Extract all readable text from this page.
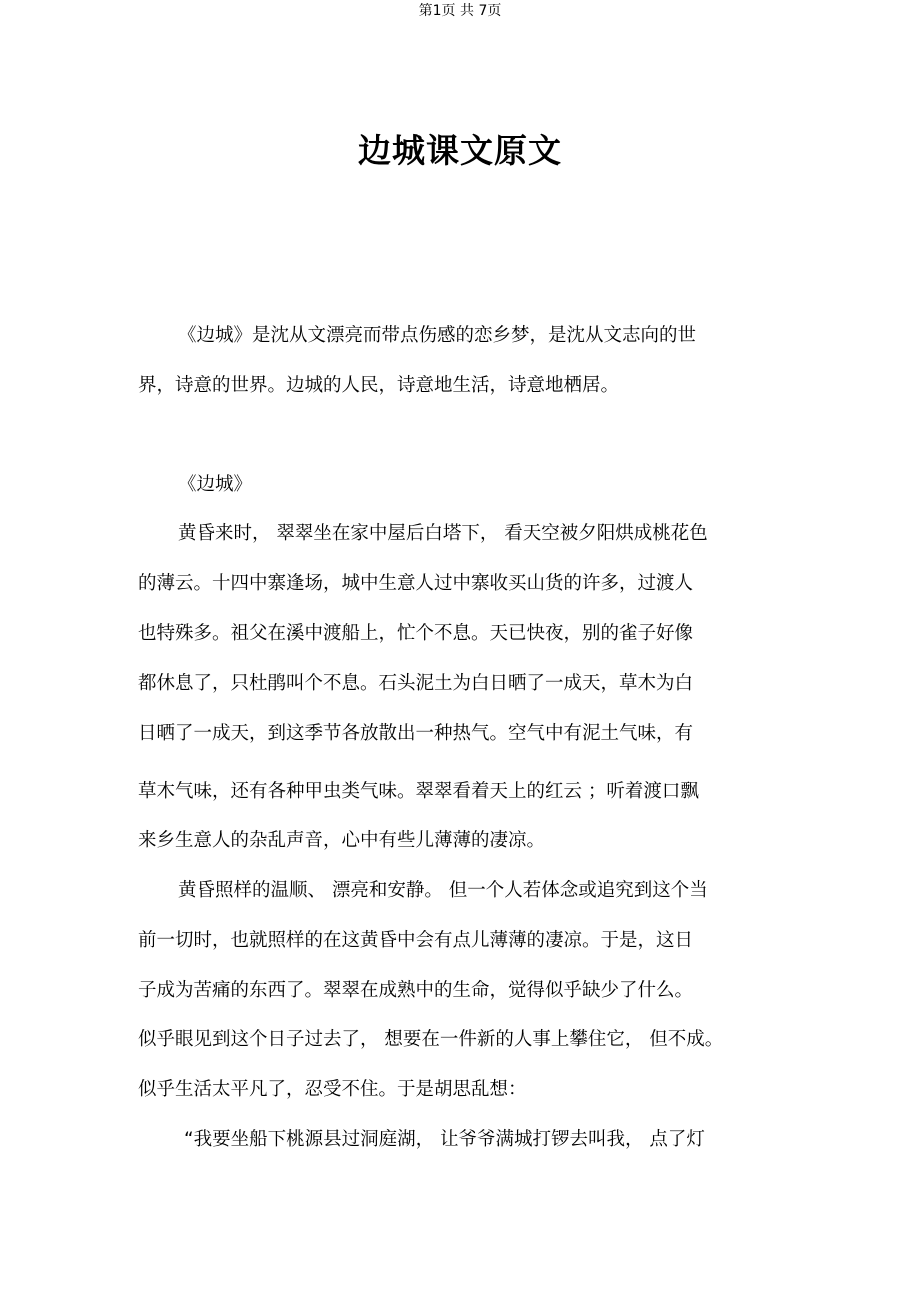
第1页 共 7页
边城课文原文
《边城》是沈从文漂亮而带点伤感的恋乡梦，是沈从文志向的世
界，诗意的世界。边城的人民，诗意地生活，诗意地栖居。
《边城》
黄昏来时， 翠翠坐在家中屋后白塔下， 看天空被夕阳烘成桃花色
的薄云。十四中寨逢场，城中生意人过中寨收买山货的许多，过渡人
也特殊多。祖父在溪中渡船上，忙个不息。天已快夜，别的雀子好像
都休息了，只杜鹃叫个不息。石头泥土为白日晒了一成天，草木为白
日晒了一成天，到这季节各放散出一种热气。空气中有泥土气味，有
草木气味，还有各种甲虫类气味。翠翠看着天上的红云 ；听着渡口飘
来乡生意人的杂乱声音，心中有些儿薄薄的凄凉。
黄昏照样的温顺、 漂亮和安静。 但一个人若体念或追究到这个当
前一切时，也就照样的在这黄昏中会有点儿薄薄的凄凉。于是，这日
子成为苦痛的东西了。翠翠在成熟中的生命，觉得似乎缺少了什么。
似乎眼见到这个日子过去了， 想要在一件新的人事上攀住它， 但不成。
似乎生活太平凡了，忍受不住。于是胡思乱想：
“我要坐船下桃源县过洞庭湖， 让爷爷满城打锣去叫我， 点了灯
